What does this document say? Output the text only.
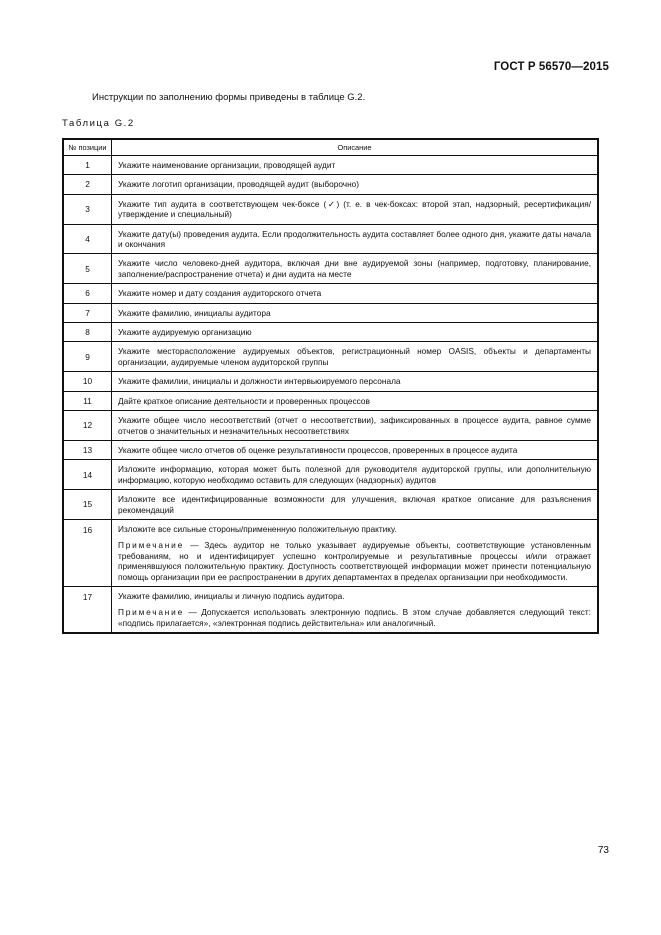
ГОСТ Р 56570—2015
Инструкции по заполнению формы приведены в таблице G.2.
Таблица G.2
№ позиции	Описание
1	Укажите наименование организации, проводящей аудит

2	Укажите логотип организации, проводящей аудит (выборочно)

3	Укажите тип аудита в соответствующем чек-боксе (✓) (т. е. в чек-боксах: второй этап, надзорный, ресертификация/утверждение и специальный)

4	Укажите дату(ы) проведения аудита. Если продолжительность аудита составляет более одного дня, укажите даты начала и окончания

5	Укажите число человеко-дней аудитора, включая дни вне аудируемой зоны (например, подготовку, планирование, заполнение/распространение отчета) и дни аудита на месте

6	Укажите номер и дату создания аудиторского отчета

7	Укажите фамилию, инициалы аудитора

8	Укажите аудируемую организацию

9	Укажите месторасположение аудируемых объектов, регистрационный номер OASIS, объекты и департаменты организации, аудируемые членом аудиторской группы

10	Укажите фамилии, инициалы и должности интервьюируемого персонала

11	Дайте краткое описание деятельности и проверенных процессов

12	Укажите общее число несоответствий (отчет о несоответствии), зафиксированных в процессе аудита, равное сумме отчетов о значительных и незначительных несоответствиях

13	Укажите общее число отчетов об оценке результативности процессов, проверенных в процессе аудита

14	Изложите информацию, которая может быть полезной для руководителя аудиторской группы, или дополнительную информацию, которую необходимо оставить для следующих (надзорных) аудитов

15	Изложите все идентифицированные возможности для улучшения, включая краткое описание для разъяснения рекомендаций

16	Изложите все сильные стороны/примененную положительную практику.

Примечание — Здесь аудитор не только указывает аудируемые объекты, соответствующие установленным требованиям, но и идентифицирует успешно контролируемые и результативные процессы и/или отражает применявшуюся положительную практику. Доступность соответствующей информации может принести потенциальную помощь организации при ее распространении в других департаментах в пределах организации при необходимости.

17	Укажите фамилию, инициалы и личную подпись аудитора.

Примечание — Допускается использовать электронную подпись. В этом случае добавляется следующий текст: «подпись прилагается», «электронная подпись действительна» или аналогичный.

73
